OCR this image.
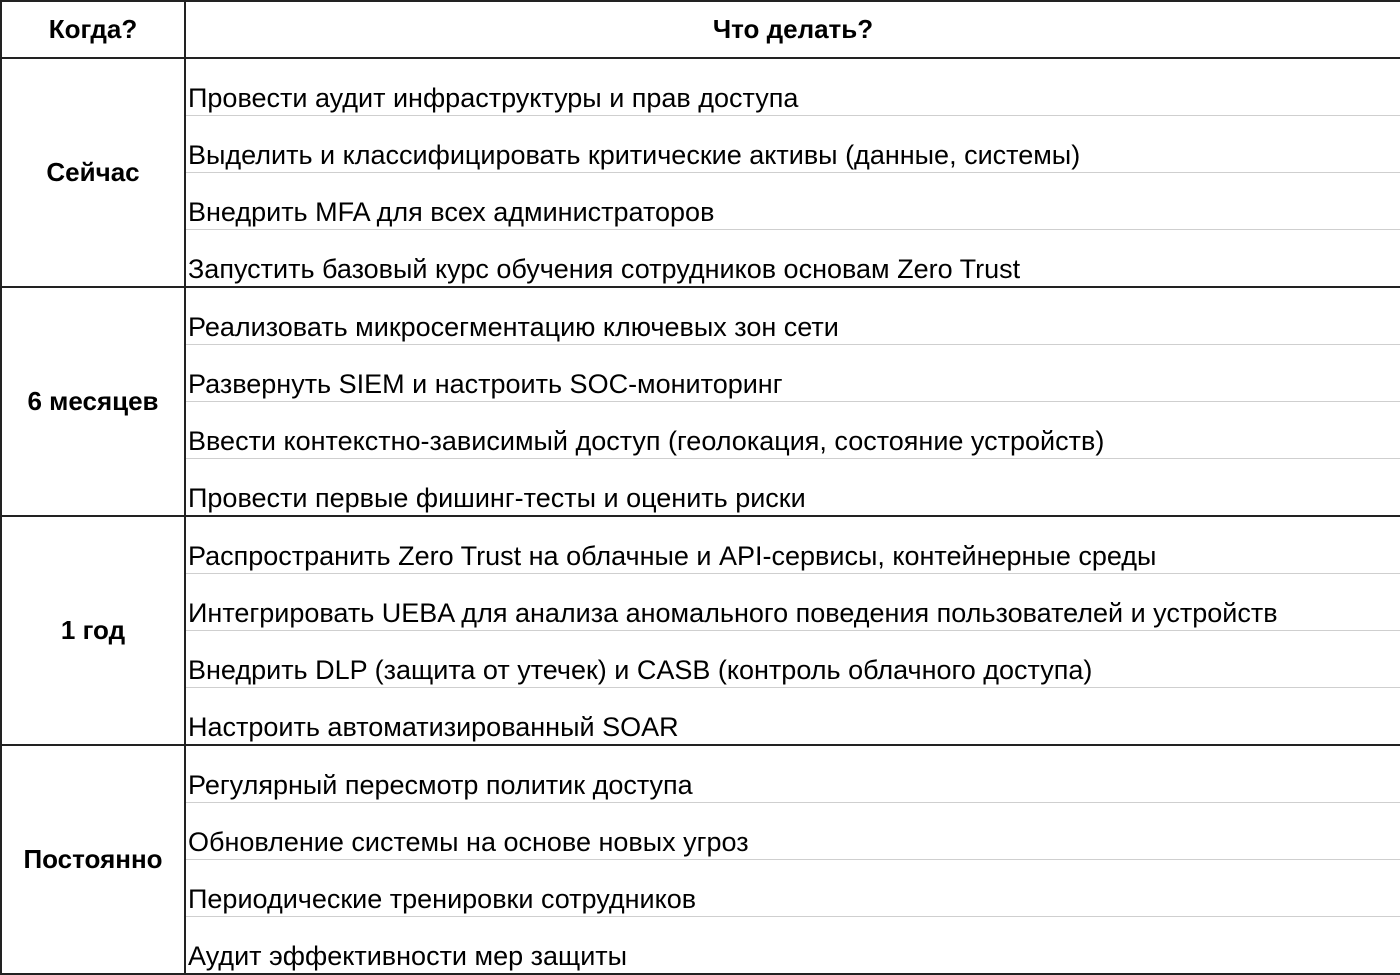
Когда?	Что делать?
Сейчас	Провести аудит инфраструктуры и прав доступа
	Выделить и классифицировать критические активы (данные, системы)
	Внедрить MFA для всех администраторов
	Запустить базовый курс обучения сотрудников основам Zero Trust
6 месяцев	Реализовать микросегментацию ключевых зон сети
	Развернуть SIEM и настроить SOC-мониторинг
	Ввести контекстно-зависимый доступ (геолокация, состояние устройств)
	Провести первые фишинг-тесты и оценить риски
1 год	Распространить Zero Trust на облачные и API-сервисы, контейнерные среды
	Интегрировать UEBA для анализа аномального поведения пользователей и устройств
	Внедрить DLP (защита от утечек) и CASB (контроль облачного доступа)
	Настроить автоматизированный SOAR
Постоянно	Регулярный пересмотр политик доступа
	Обновление системы на основе новых угроз
	Периодические тренировки сотрудников
	Аудит эффективности мер защиты
